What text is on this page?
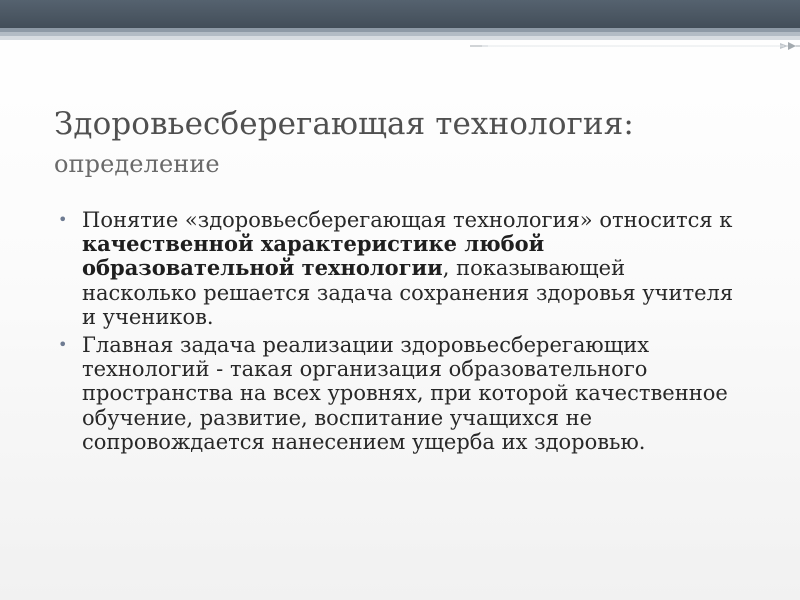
Здоровьесберегающая технология:
определение
• Понятие «здоровьесберегающая технология» относится к качественной характеристике любой образовательной технологии, показывающей насколько решается задача сохранения здоровья учителя и учеников.
• Главная задача реализации здоровьесберегающих технологий - такая организация образовательного пространства на всех уровнях, при которой качественное обучение, развитие, воспитание учащихся не сопровождается нанесением ущерба их здоровью.
